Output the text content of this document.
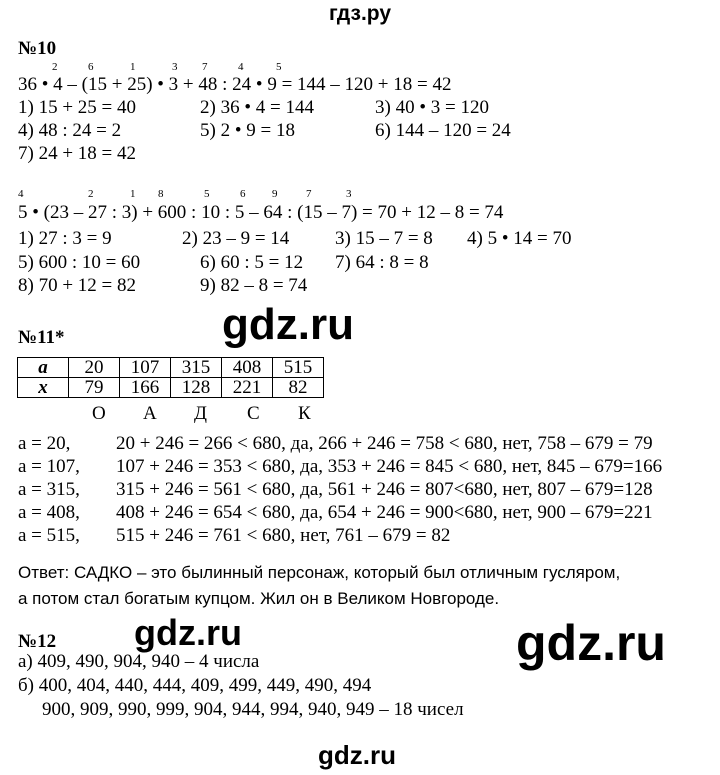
гдз.ру
№10
2	6	1	3 7	4	5
36 • 4 – (15 + 25) • 3 + 48 : 24 • 9 = 144 – 120 + 18 = 42
1) 15 + 25 = 40	2) 36 • 4 = 144	3) 40 • 3 = 120
4) 48 : 24 = 2	5) 2 • 9 = 18	6) 144 – 120 = 24
7) 24 + 18 = 42
4	2	1 8	5	6 9	7	3
5 • (23 – 27 : 3) + 600 : 10 : 5 – 64 : (15 – 7) = 70 + 12 – 8 = 74
1) 27 : 3 = 9	2) 23 – 9 = 14 3) 15 – 7 = 8 4) 5 • 14 = 70
5) 600 : 10 = 60	6) 60 : 5 = 12 7) 64 : 8 = 8
8) 70 + 12 = 82	9) 82 – 8 = 74
№11*
a	20	107	315	408	515
x	79	166	128	221	82
О А Д С К
a = 20, 20 + 246 = 266 < 680, да, 266 + 246 = 758 < 680, нет, 758 – 679 = 79
a = 107, 107 + 246 = 353 < 680, да, 353 + 246 = 845 < 680, нет, 845 – 679=166
a = 315, 315 + 246 = 561 < 680, да, 561 + 246 = 807<680, нет, 807 – 679=128
a = 408, 408 + 246 = 654 < 680, да, 654 + 246 = 900<680, нет, 900 – 679=221
a = 515, 515 + 246 = 761 < 680, нет, 761 – 679 = 82
Ответ: САДКО – это былинный персонаж, который был отличным гусляром,
а потом стал богатым купцом. Жил он в Великом Новгороде.
№12
а) 409, 490, 904, 940 – 4 числа
б) 400, 404, 440, 444, 409, 499, 449, 490, 494
900, 909, 990, 999, 904, 944, 994, 940, 949 – 18 чисел
gdz.ru
gdz.ru	gdz.ru
gdz.ru
